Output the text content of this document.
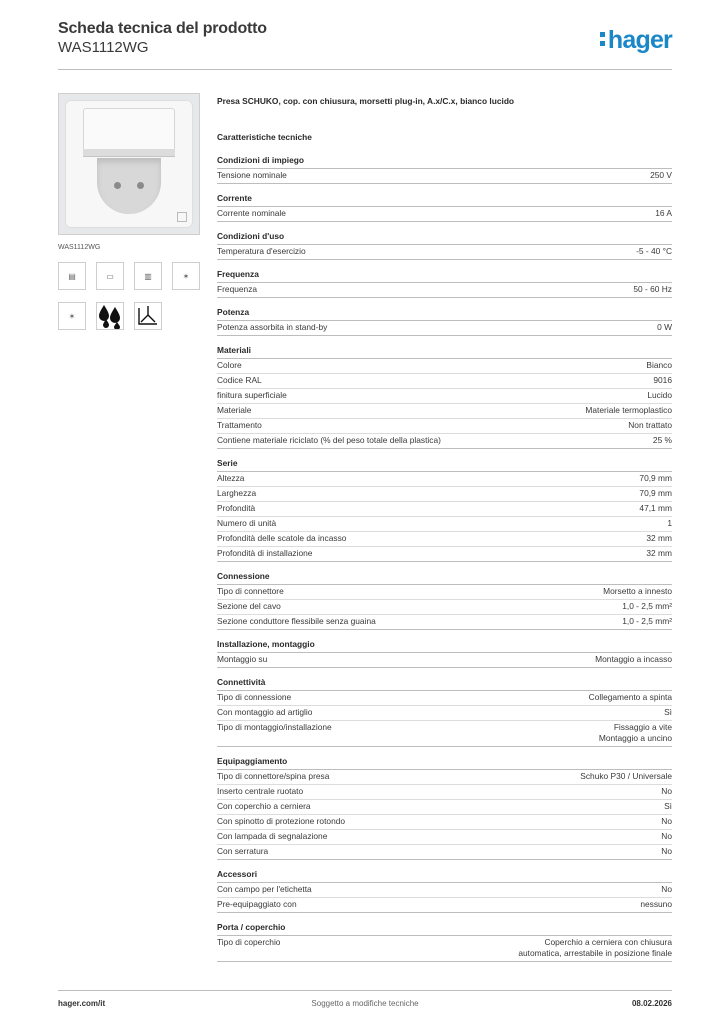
Scheda tecnica del prodotto
WAS1112WG	hager
WAS1112WG
▤	▭	▥	✶
✶
Presa SCHUKO, cop. con chiusura, morsetti plug-in, A.x/C.x, bianco lucido
Caratteristiche tecniche
Condizioni di impiego
Tensione nominale	250 V
Corrente
Corrente nominale	16 A
Condizioni d'uso
Temperatura d'esercizio	-5 - 40 °C
Frequenza
Frequenza	50 - 60 Hz
Potenza
Potenza assorbita in stand-by	0 W
Materiali
Colore	Bianco
Codice RAL	9016
finitura superficiale	Lucido
Materiale	Materiale termoplastico
Trattamento	Non trattato
Contiene materiale riciclato (% del peso totale della plastica)	25 %
Serie
Altezza	70,9 mm
Larghezza	70,9 mm
Profondità	47,1 mm
Numero di unità	1
Profondità delle scatole da incasso	32 mm
Profondità di installazione	32 mm
Connessione
Tipo di connettore	Morsetto a innesto
Sezione del cavo	1,0 - 2,5 mm²
Sezione conduttore flessibile senza guaina	1,0 - 2,5 mm²
Installazione, montaggio
Montaggio su	Montaggio a incasso
Connettività
Tipo di connessione	Collegamento a spinta
Con montaggio ad artiglio	Sì
Tipo di montaggio/installazione	Fissaggio a vite
Montaggio a uncino
Equipaggiamento
Tipo di connettore/spina presa	Schuko P30 / Universale
Inserto centrale ruotato	No
Con coperchio a cerniera	Sì
Con spinotto di protezione rotondo	No
Con lampada di segnalazione	No
Con serratura	No
Accessori
Con campo per l'etichetta	No
Pre-equipaggiato con	nessuno
Porta / coperchio
Tipo di coperchio	Coperchio a cerniera con chiusura
automatica, arrestabile in posizione finale
hager.com/it	Soggetto a modifiche tecniche	08.02.2026
